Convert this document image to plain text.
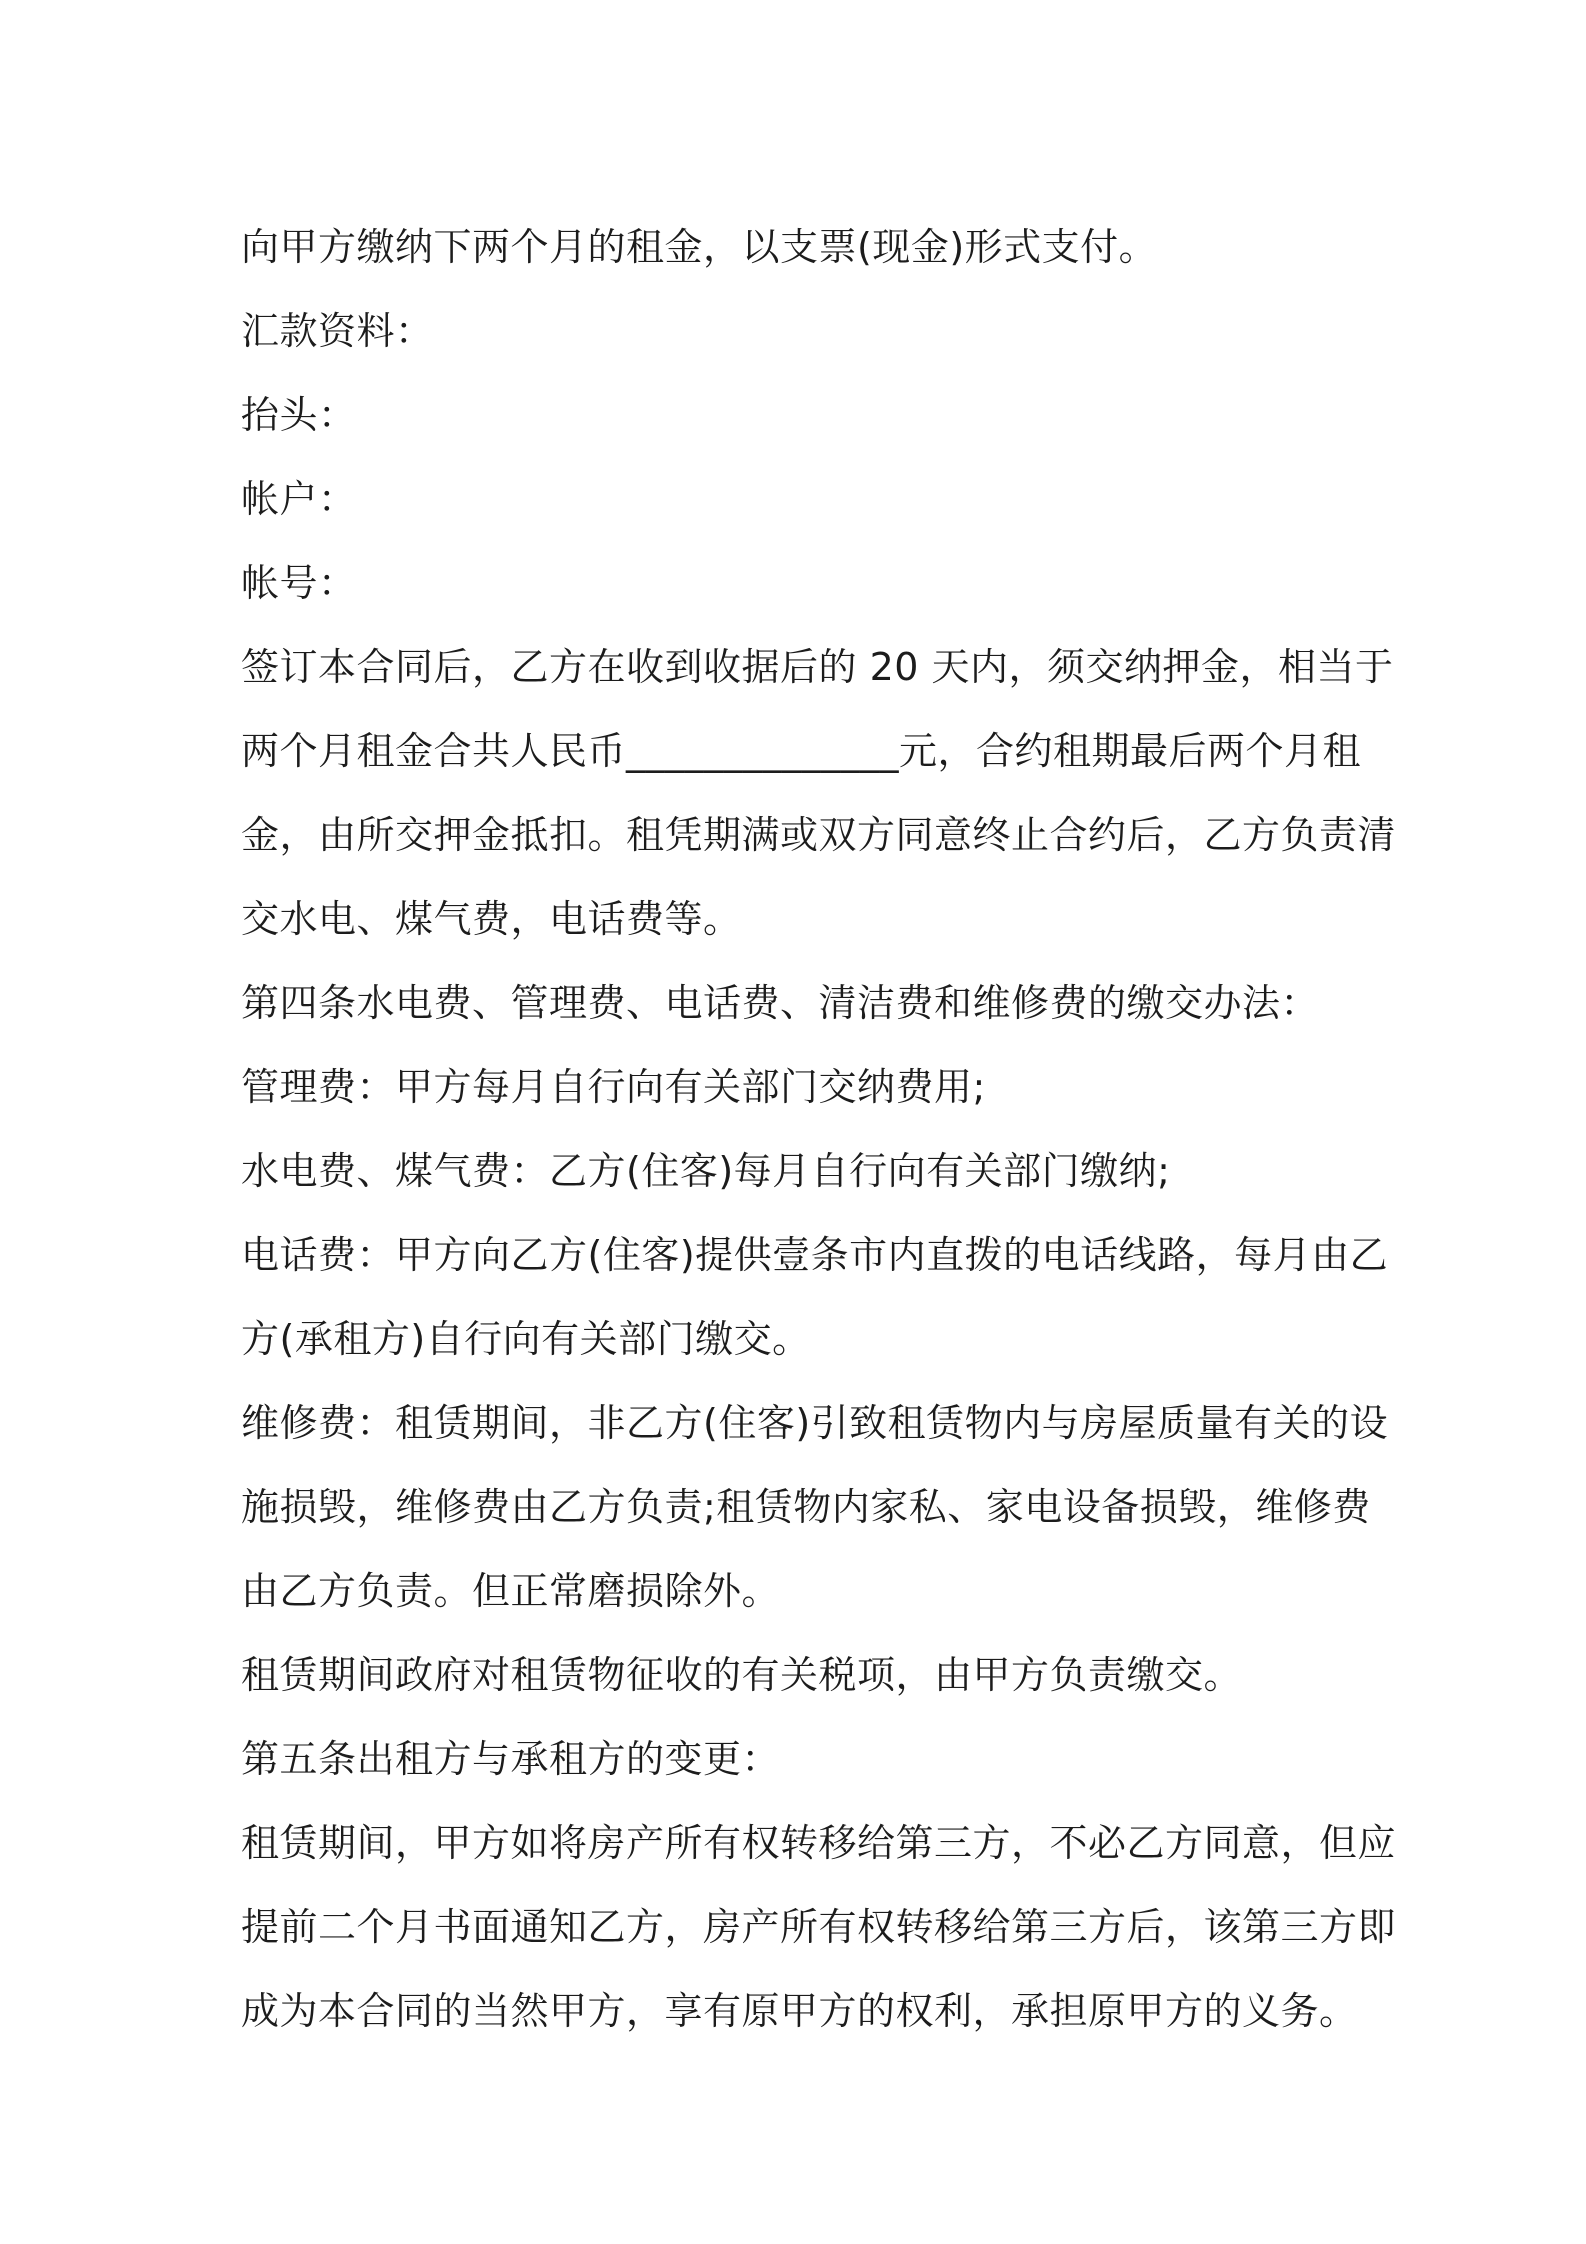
向甲方缴纳下两个月的租金，以支票(现金)形式支付。
汇款资料：
抬头：
帐户：
帐号：
签订本合同后，乙方在收到收据后的 20 天内，须交纳押金，相当于
两个月租金合共人民币______________元，合约租期最后两个月租
金，由所交押金抵扣。租凭期满或双方同意终止合约后，乙方负责清
交水电、煤气费，电话费等。
第四条水电费、管理费、电话费、清洁费和维修费的缴交办法：
管理费：甲方每月自行向有关部门交纳费用;
水电费、煤气费：乙方(住客)每月自行向有关部门缴纳;
电话费：甲方向乙方(住客)提供壹条市内直拨的电话线路，每月由乙
方(承租方)自行向有关部门缴交。
维修费：租赁期间，非乙方(住客)引致租赁物内与房屋质量有关的设
施损毁，维修费由乙方负责;租赁物内家私、家电设备损毁，维修费
由乙方负责。但正常磨损除外。
租赁期间政府对租赁物征收的有关税项，由甲方负责缴交。
第五条出租方与承租方的变更：
租赁期间，甲方如将房产所有权转移给第三方，不必乙方同意，但应
提前二个月书面通知乙方，房产所有权转移给第三方后，该第三方即
成为本合同的当然甲方，享有原甲方的权利，承担原甲方的义务。
